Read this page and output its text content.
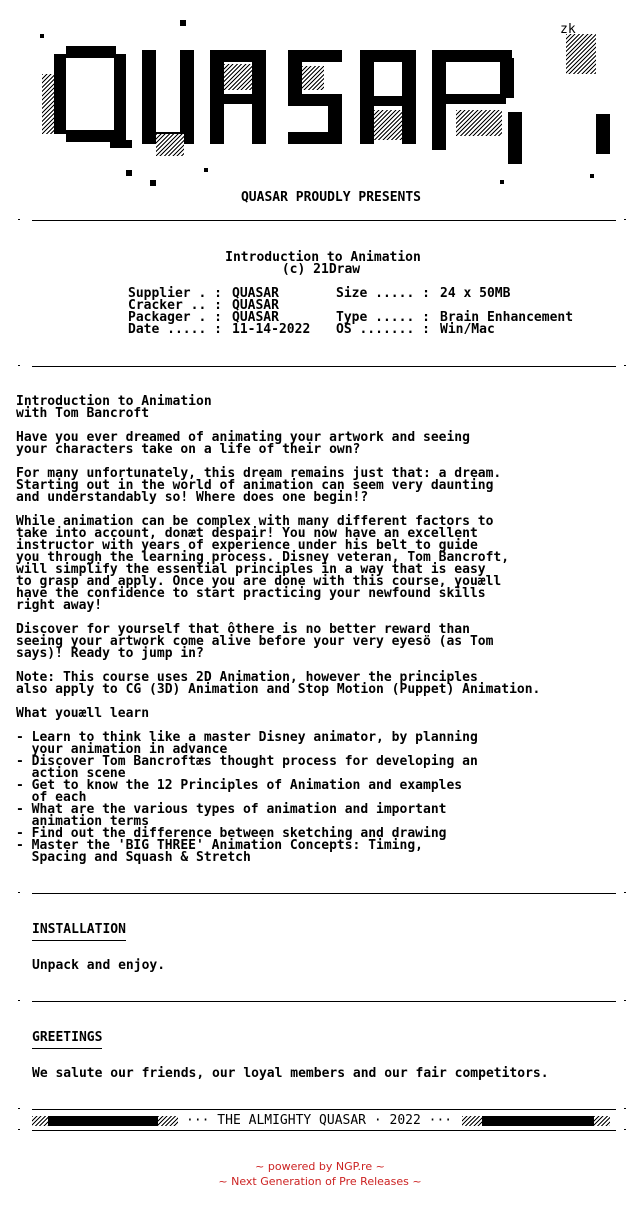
zk
QUASAR PROUDLY PRESENTS
Introduction to Animation
(c) 21Draw
Supplier . : QUASAR
Cracker .. : QUASAR
Packager . : QUASAR
Date ..... : 11-14-2022
Size ..... : 24 x 50MB
Type ..... : Brain Enhancement
OS ....... : Win/Mac
Introduction to Animation
with Tom Bancroft
Have you ever dreamed of animating your artwork and seeing
your characters take on a life of their own?
For many unfortunately, this dream remains just that: a dream.
Starting out in the world of animation can seem very daunting
and understandably so! Where does one begin!?
While animation can be complex with many different factors to
take into account, donæt despair! You now have an excellent
instructor with years of experience under his belt to guide
you through the learning process. Disney veteran, Tom Bancroft,
will simplify the essential principles in a way that is easy
to grasp and apply. Once you are done with this course, youæll
have the confidence to start practicing your newfound skills
right away!
Discover for yourself that ôthere is no better reward than
seeing your artwork come alive before your very eyesö (as Tom
says)! Ready to jump in?
Note: This course uses 2D Animation, however the principles
also apply to CG (3D) Animation and Stop Motion (Puppet) Animation.
What youæll learn
- Learn to think like a master Disney animator, by planning
your animation in advance
- Discover Tom Bancroftæs thought process for developing an
action scene
- Get to know the 12 Principles of Animation and examples
of each
- What are the various types of animation and important
animation terms
- Find out the difference between sketching and drawing
- Master the 'BIG THREE' Animation Concepts: Timing,
Spacing and Squash & Stretch
INSTALLATION
Unpack and enjoy.
GREETINGS
We salute our friends, our loyal members and our fair competitors.
··· THE ALMIGHTY QUASAR · 2022 ···
~ powered by NGP.re ~
~ Next Generation of Pre Releases ~
